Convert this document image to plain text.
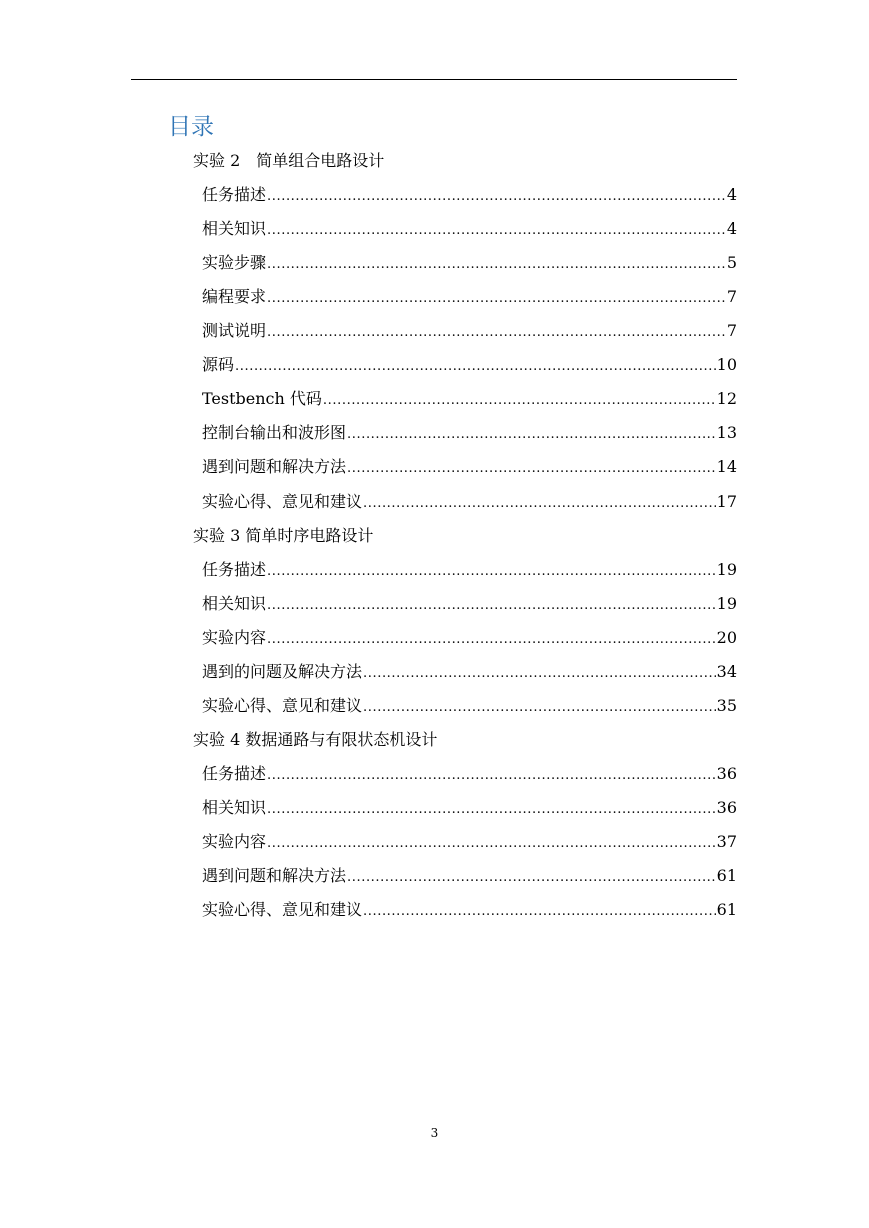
目录
实验 2　简单组合电路设计
任务描述 .....	4
相关知识 .....	4
实验步骤 .....	5
编程要求 .....	7
测试说明 .....	7
源码 .....	10
Testbench 代码 .....	12
控制台输出和波形图 .....	13
遇到问题和解决方法 .....	14
实验心得、意见和建议 .....	17
实验 3 简单时序电路设计
任务描述 .....	19
相关知识 .....	19
实验内容 .....	20
遇到的问题及解决方法 .....	34
实验心得、意见和建议 .....	35
实验 4 数据通路与有限状态机设计
任务描述 .....	36
相关知识 .....	36
实验内容 .....	37
遇到问题和解决方法 .....	61
实验心得、意见和建议 .....	61
3
